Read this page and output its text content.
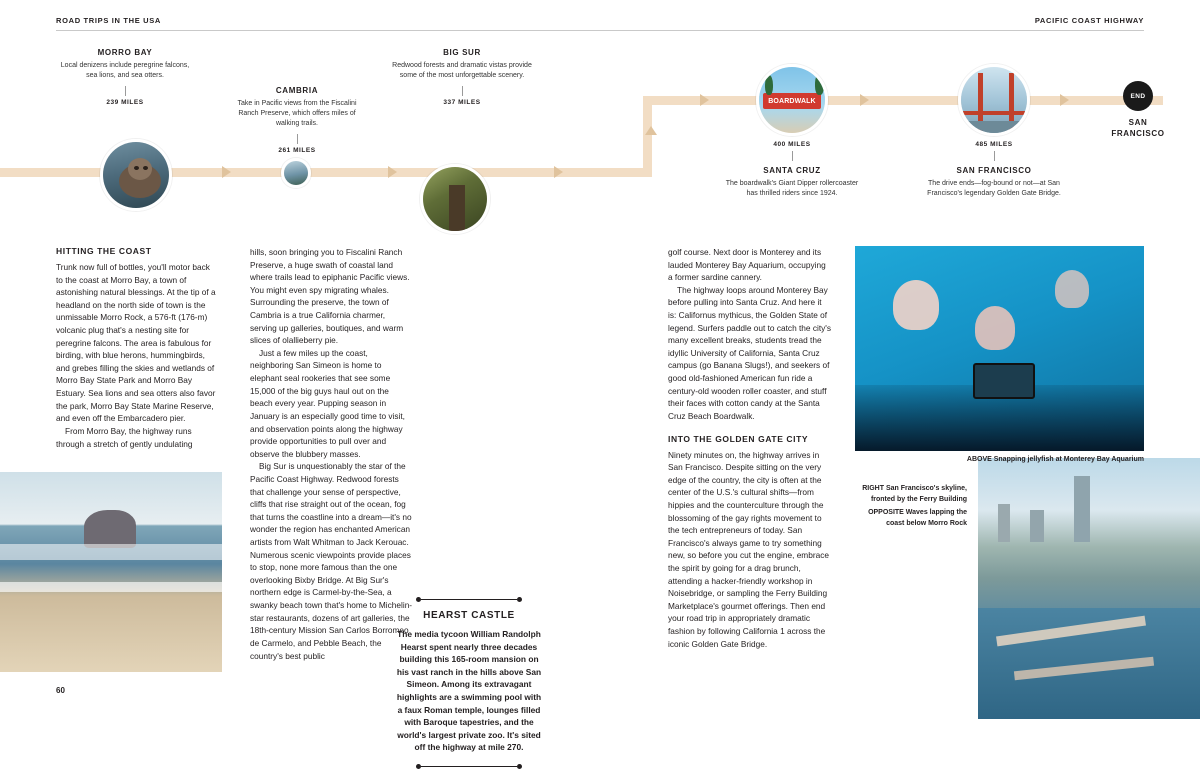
ROAD TRIPS IN THE USA	PACIFIC COAST HIGHWAY
MORRO BAY
Local denizens include peregrine falcons, sea lions, and sea otters.
239 MILES
CAMBRIA
Take in Pacific views from the Fiscalini Ranch Preserve, which offers miles of walking trails.
261 MILES
BIG SUR
Redwood forests and dramatic vistas provide some of the most unforgettable scenery.
337 MILES	BOARDWALK
400 MILES
SANTA CRUZ
The boardwalk's Giant Dipper rollercoaster has thrilled riders since 1924.
485 MILES
SAN FRANCISCO
The drive ends—fog-bound or not—at San Francisco's legendary Golden Gate Bridge.
END
SAN FRANCISCO
HITTING THE COAST

Trunk now full of bottles, you'll motor back to the coast at Morro Bay, a town of astonishing natural blessings. At the tip of a headland on the north side of town is the unmissable Morro Rock, a 576-ft (176-m) volcanic plug that's a nesting site for peregrine falcons. The area is fabulous for birding, with blue herons, hummingbirds, and grebes filling the skies and wetlands of Morro Bay State Park and Morro Bay Estuary. Sea lions and sea otters also favor the park, Morro Bay State Marine Reserve, and even off the Embarcadero pier.

From Morro Bay, the highway runs through a stretch of gently undulating

hills, soon bringing you to Fiscalini Ranch Preserve, a huge swath of coastal land where trails lead to epiphanic Pacific views. You might even spy migrating whales. Surrounding the preserve, the town of Cambria is a true California charmer, serving up galleries, boutiques, and warm slices of olallieberry pie.

Just a few miles up the coast, neighboring San Simeon is home to elephant seal rookeries that see some 15,000 of the big guys haul out on the beach every year. Pupping season in January is an especially good time to visit, and observation points along the highway provide opportunities to pull over and observe the blubbery masses.

Big Sur is unquestionably the star of the Pacific Coast Highway. Redwood forests that challenge your sense of perspective, cliffs that rise straight out of the ocean, fog that turns the coastline into a dream—it's no wonder the region has enchanted American artists from Walt Whitman to Jack Kerouac. Numerous scenic viewpoints provide places to stop, none more famous than the one overlooking Bixby Bridge. At Big Sur's northern edge is Carmel-by-the-Sea, a swanky beach town that's home to Michelin-star restaurants, dozens of art galleries, the 18th-century Mission San Carlos Borromeo de Carmelo, and Pebble Beach, the country's best public

golf course. Next door is Monterey and its lauded Monterey Bay Aquarium, occupying a former sardine cannery.

The highway loops around Monterey Bay before pulling into Santa Cruz. And here it is: Californus mythicus, the Golden State of legend. Surfers paddle out to catch the city's many excellent breaks, students tread the idyllic University of California, Santa Cruz campus (go Banana Slugs!), and seekers of good old-fashioned American fun ride a century-old wooden roller coaster, and stuff their faces with cotton candy at the Santa Cruz Beach Boardwalk.

INTO THE GOLDEN GATE CITY

Ninety minutes on, the highway arrives in San Francisco. Despite sitting on the very edge of the country, the city is often at the center of the U.S.'s cultural shifts—from hippies and the counterculture through the blossoming of the gay rights movement to the tech entrepreneurs of today. San Francisco's always game to try something new, so before you cut the engine, embrace the spirit by going for a drag brunch, attending a hacker-friendly workshop in Noisebridge, or sampling the Ferry Building Marketplace's gourmet offerings. Then end your road trip in appropriately dramatic fashion by following California 1 across the iconic Golden Gate Bridge.

HEARST CASTLE

The media tycoon William Randolph Hearst spent nearly three decades building this 165-room mansion on his vast ranch in the hills above San Simeon. Among its extravagant highlights are a swimming pool with a faux Roman temple, lounges filled with Baroque tapestries, and the world's largest private zoo. It's sited off the highway at mile 270.

ABOVE Snapping jellyfish at Monterey Bay Aquarium
RIGHT San Francisco's skyline, fronted by the Ferry Building
OPPOSITE Waves lapping the coast below Morro Rock
60
